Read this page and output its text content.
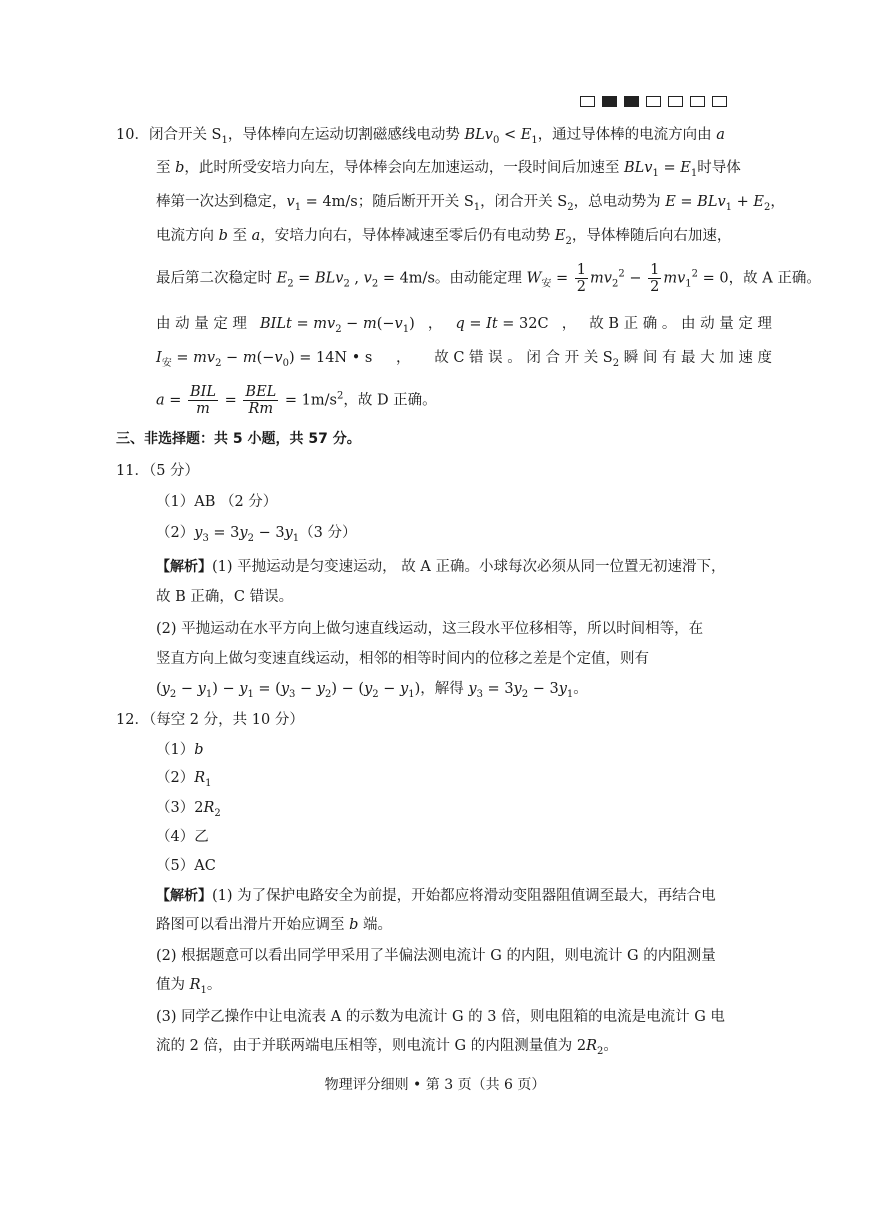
10．闭合开关 $S_1$，导体棒向左运动切割磁感线电动势 $BLv_0 < E_1$，通过导体棒的电流方向由 a
至 b，此时所受安培力向左，导体棒会向左加速运动，一段时间后加速至 $BLv_1 = E_1$时导体
棒第一次达到稳定，$v_1 = 4m/s$；随后断开开关 $S_1$，闭合开关 $S_2$，总电动势为 $E = BLv_1 + E_2$，
电流方向 b 至 a，安培力向右，导体棒减速至零后仍有电动势 $E_2$，导体棒随后向右加速，
最后第二次稳定时 $E_2 = BLv_2$ , $v_2 = 4m/s$。由动能定理 $W_安 = \frac{1}{2} mv_2^2 - \frac{1}{2} mv_1^2 = 0$，故 A 正确。
由 动 量 定 理 BILt = $mv_2 - m(-v_1)$ ， q = It = 32C ， 故 B 正 确 。 由 动 量 定 理
$I_安 = mv_2 - m(-v_0) = 14N$ • s ， 故 C 错 误 。 闭 合 开 关 $S_2$ 瞬 间 有 最 大 加 速 度
$a = \frac{\text{BIL}}{m} = \frac{\text{BEL}}{Rm} = 1m/s^2$，故 D 正确。
三、非选择题：共 5 小题，共 57 分。
11．（5 分）
（1）AB （2 分）
$(2)y_3 = 3y_2 - 3y_1(3$ 分）
【解析】(1) 平抛运动是匀变速运动， 故 A 正确。小球每次必须从同一位置无初速滑下，
故 B 正确，C 错误。
(2) 平抛运动在水平方向上做匀速直线运动，这三段水平位移相等，所以时间相等，在
竖直方向上做匀变速直线运动，相邻的相等时间内的位移之差是个定值，则有
$(y_2 - y_1) - y_1 = (y_3 - y_2) - (y_2 - y_1)$，解得 $y_3 = 3y_2 - 3y_1$。
12．（每空 2 分，共 10 分）
（1）b
$(2)R_1$
$(3)2R_2$
（4）乙
（5）AC
【解析】(1) 为了保护电路安全为前提，开始都应将滑动变阻器阻值调至最大，再结合电
路图可以看出滑片开始应调至 b 端。
(2) 根据题意可以看出同学甲采用了半偏法测电流计 G 的内阻，则电流计 G 的内阻测量
值为 $R_1$。
(3) 同学乙操作中让电流表 A 的示数为电流计 G 的 3 倍，则电阻箱的电流是电流计 G 电
流的 2 倍，由于并联两端电压相等，则电流计 G 的内阻测量值为 $2R_2$。
物理评分细则 • 第 3 页（共 6 页）
